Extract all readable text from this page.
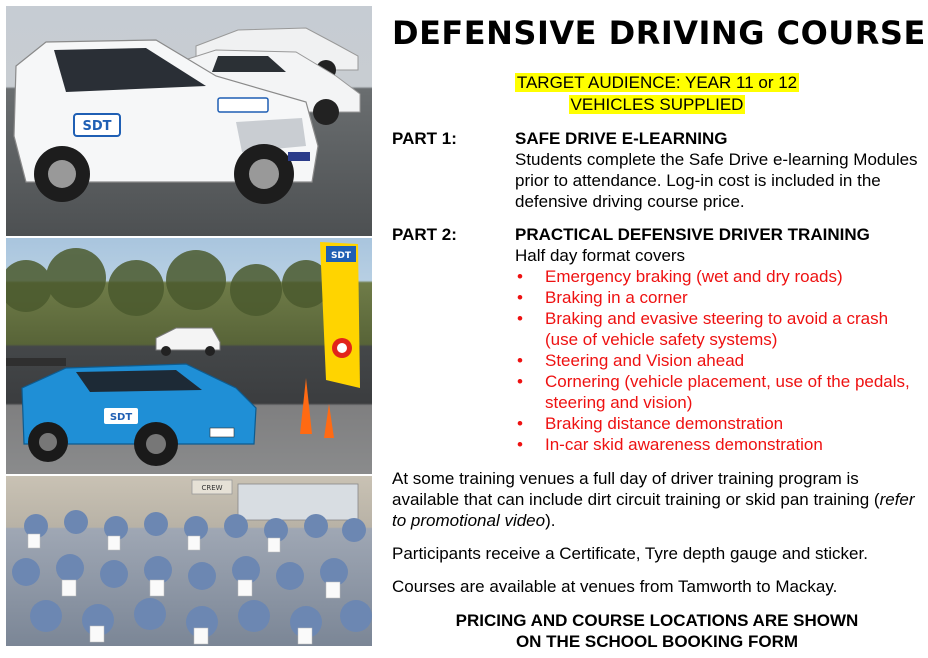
SDT
SDT
SDT
CREW
DEFENSIVE DRIVING COURSE
TARGET AUDIENCE: YEAR 11 or 12
VEHICLES SUPPLIED
PART 1:	SAFE DRIVE E-LEARNING
Students complete the Safe Drive e-learning Modules prior to attendance. Log-in cost is included in the defensive driving course price.
PART 2:	PRACTICAL DEFENSIVE DRIVER TRAINING
Half day format covers
• Emergency braking (wet and dry roads)
• Braking in a corner
• Braking and evasive steering to avoid a crash (use of vehicle safety systems)
• Steering and Vision ahead
• Cornering (vehicle placement, use of the pedals, steering and vision)
• Braking distance demonstration
• In-car skid awareness demonstration
At some training venues a full day of driver training program is available that can include dirt circuit training or skid pan training (refer to promotional video).
Participants receive a Certificate, Tyre depth gauge and sticker.
Courses are available at venues from Tamworth to Mackay.
PRICING AND COURSE LOCATIONS ARE SHOWN
ON THE SCHOOL BOOKING FORM
